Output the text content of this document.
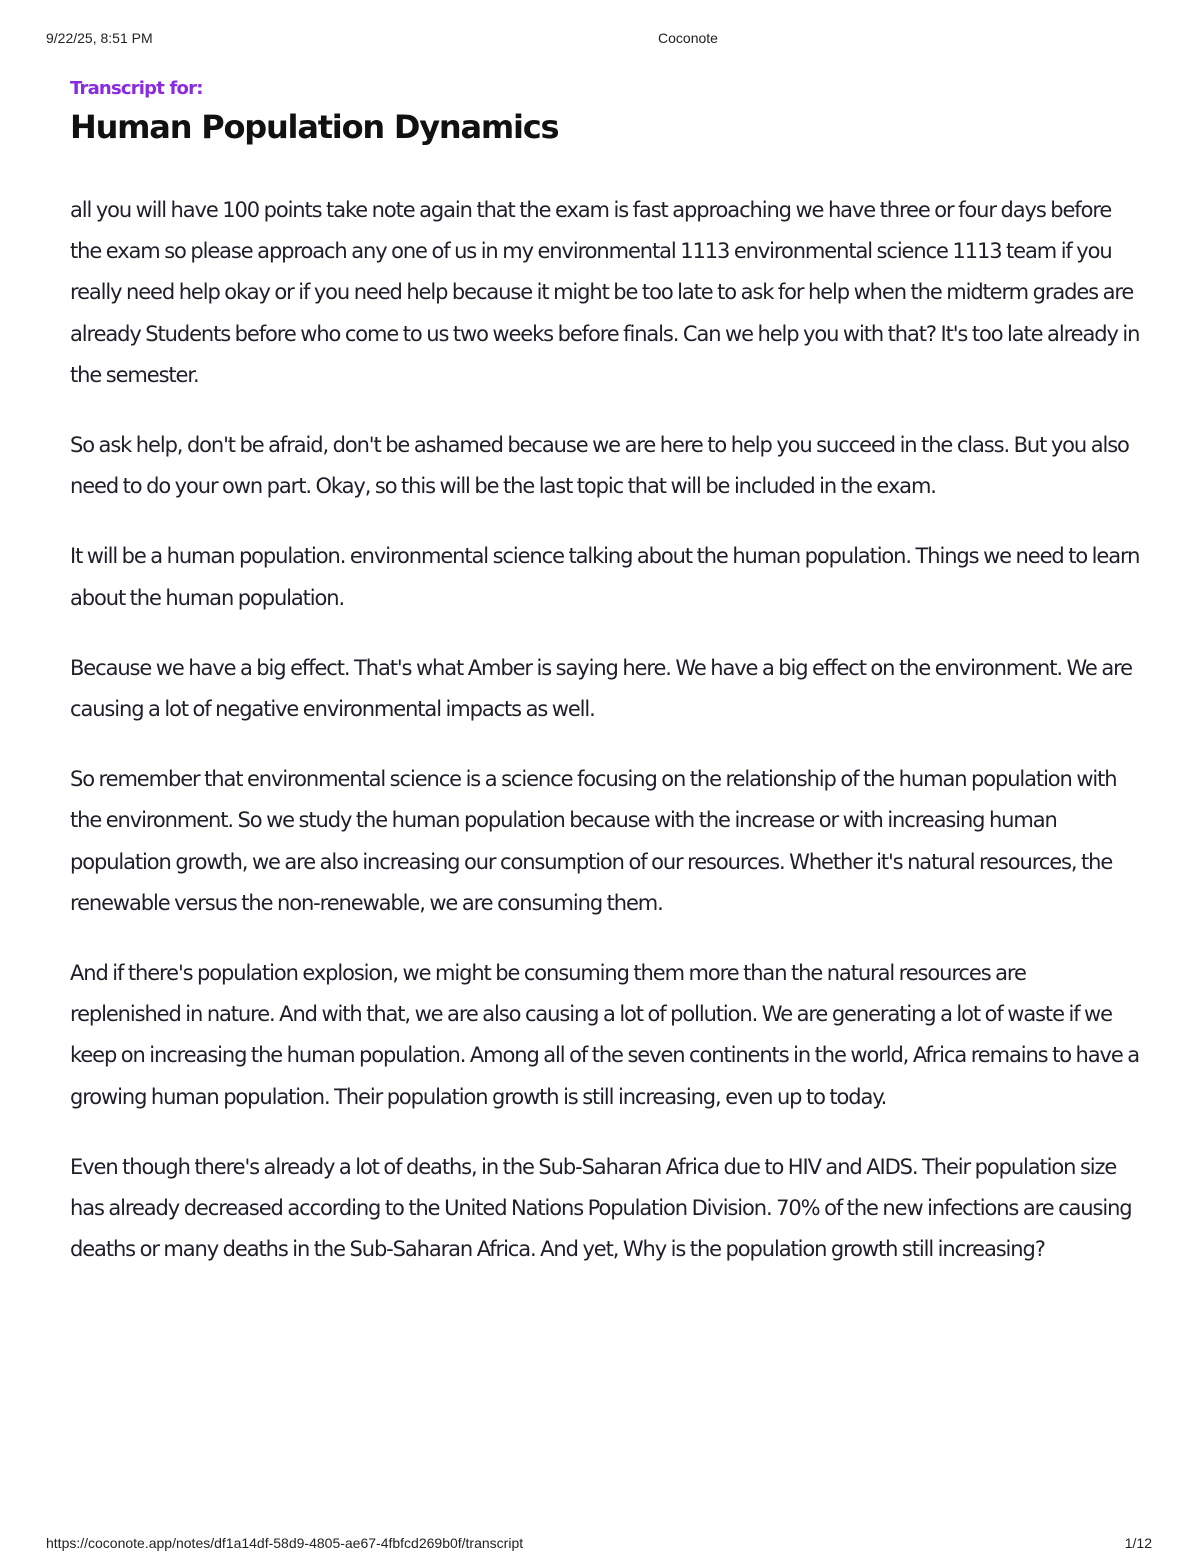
9/22/25, 8:51 PM	Coconote
Transcript for:
Human Population Dynamics

all you will have 100 points take note again that the exam is fast approaching we have three or four days before the exam so please approach any one of us in my environmental 1113 environmental science 1113 team if you really need help okay or if you need help because it might be too late to ask for help when the midterm grades are already Students before who come to us two weeks before finals. Can we help you with that? It's too late already in the semester.

So ask help, don't be afraid, don't be ashamed because we are here to help you succeed in the class. But you also need to do your own part. Okay, so this will be the last topic that will be included in the exam.

It will be a human population. environmental science talking about the human population. Things we need to learn about the human population.

Because we have a big effect. That's what Amber is saying here. We have a big effect on the environment. We are causing a lot of negative environmental impacts as well.

So remember that environmental science is a science focusing on the relationship of the human population with the environment. So we study the human population because with the increase or with increasing human population growth, we are also increasing our consumption of our resources. Whether it's natural resources, the renewable versus the non-renewable, we are consuming them.

And if there's population explosion, we might be consuming them more than the natural resources are replenished in nature. And with that, we are also causing a lot of pollution. We are generating a lot of waste if we keep on increasing the human population. Among all of the seven continents in the world, Africa remains to have a growing human population. Their population growth is still increasing, even up to today.

Even though there's already a lot of deaths, in the Sub-Saharan Africa due to HIV and AIDS. Their population size has already decreased according to the United Nations Population Division. 70% of the new infections are causing deaths or many deaths in the Sub-Saharan Africa. And yet, Why is the population growth still increasing?

https://coconote.app/notes/df1a14df-58d9-4805-ae67-4fbfcd269b0f/transcript	1/12
